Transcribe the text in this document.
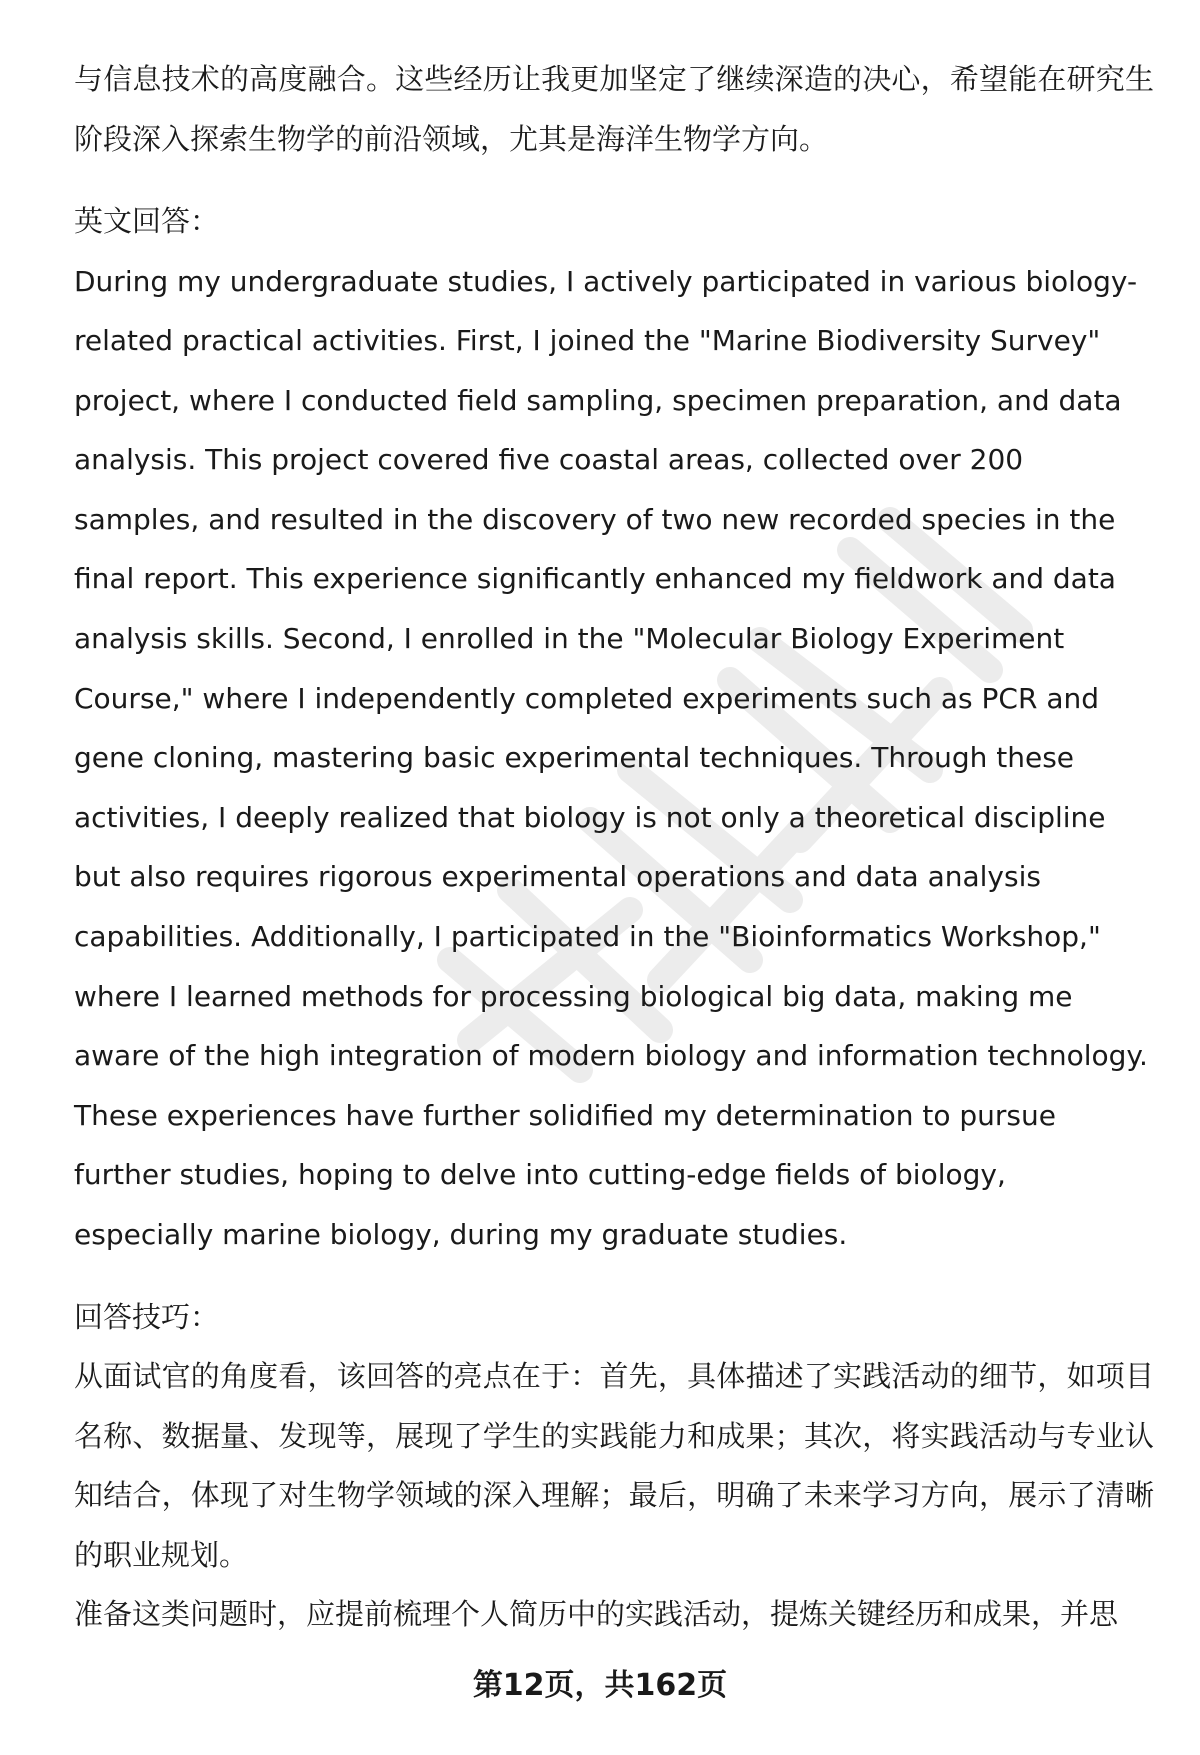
与信息技术的高度融合。这些经历让我更加坚定了继续深造的决心，希望能在研究生阶段深入探索生物学的前沿领域，尤其是海洋生物学方向。

英文回答：

During my undergraduate studies, I actively participated in various biology-related practical activities. First, I joined the "Marine Biodiversity Survey" project, where I conducted field sampling, specimen preparation, and data analysis. This project covered five coastal areas, collected over 200 samples, and resulted in the discovery of two new recorded species in the final report. This experience significantly enhanced my fieldwork and data analysis skills. Second, I enrolled in the "Molecular Biology Experiment Course," where I independently completed experiments such as PCR and gene cloning, mastering basic experimental techniques. Through these activities, I deeply realized that biology is not only a theoretical discipline but also requires rigorous experimental operations and data analysis capabilities. Additionally, I participated in the "Bioinformatics Workshop," where I learned methods for processing biological big data, making me aware of the high integration of modern biology and information technology. These experiences have further solidified my determination to pursue further studies, hoping to delve into cutting-edge fields of biology, especially marine biology, during my graduate studies.

回答技巧：

从面试官的角度看，该回答的亮点在于：首先，具体描述了实践活动的细节，如项目名称、数据量、发现等，展现了学生的实践能力和成果；其次，将实践活动与专业认知结合，体现了对生物学领域的深入理解；最后，明确了未来学习方向，展示了清晰的职业规划。

准备这类问题时，应提前梳理个人简历中的实践活动，提炼关键经历和成果，并思

第12页，共162页
